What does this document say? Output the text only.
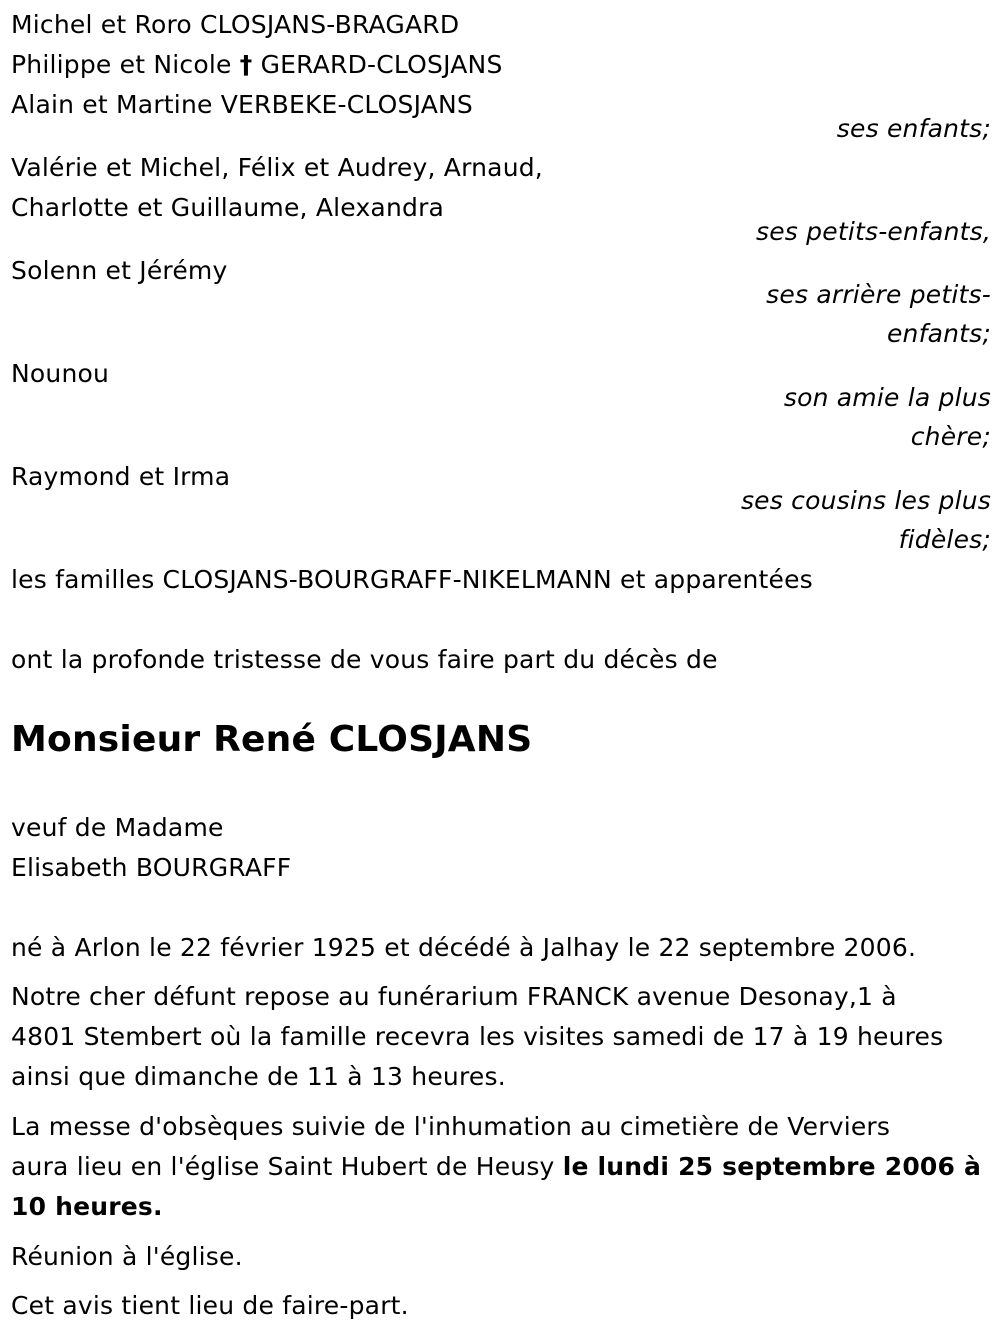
Michel et Roro CLOSJANS-BRAGARD
Philippe et Nicole † GERARD-CLOSJANS
Alain et Martine VERBEKE-CLOSJANS
ses enfants;
Valérie et Michel, Félix et Audrey, Arnaud,
Charlotte et Guillaume, Alexandra
ses petits-enfants,
Solenn et Jérémy
ses arrière petits-
enfants;
Nounou
son amie la plus
chère;
Raymond et Irma
ses cousins les plus
fidèles;
les familles CLOSJANS-BOURGRAFF-NIKELMANN et apparentées
ont la profonde tristesse de vous faire part du décès de
Monsieur René CLOSJANS
veuf de Madame
Elisabeth BOURGRAFF
né à Arlon le 22 février 1925 et décédé à Jalhay le 22 septembre 2006.
Notre cher défunt repose au funérarium FRANCK avenue Desonay,1 à
4801 Stembert où la famille recevra les visites samedi de 17 à 19 heures
ainsi que dimanche de 11 à 13 heures.
La messe d'obsèques suivie de l'inhumation au cimetière de Verviers
aura lieu en l'église Saint Hubert de Heusy le lundi 25 septembre 2006 à
10 heures.
Réunion à l'église.
Cet avis tient lieu de faire-part.
